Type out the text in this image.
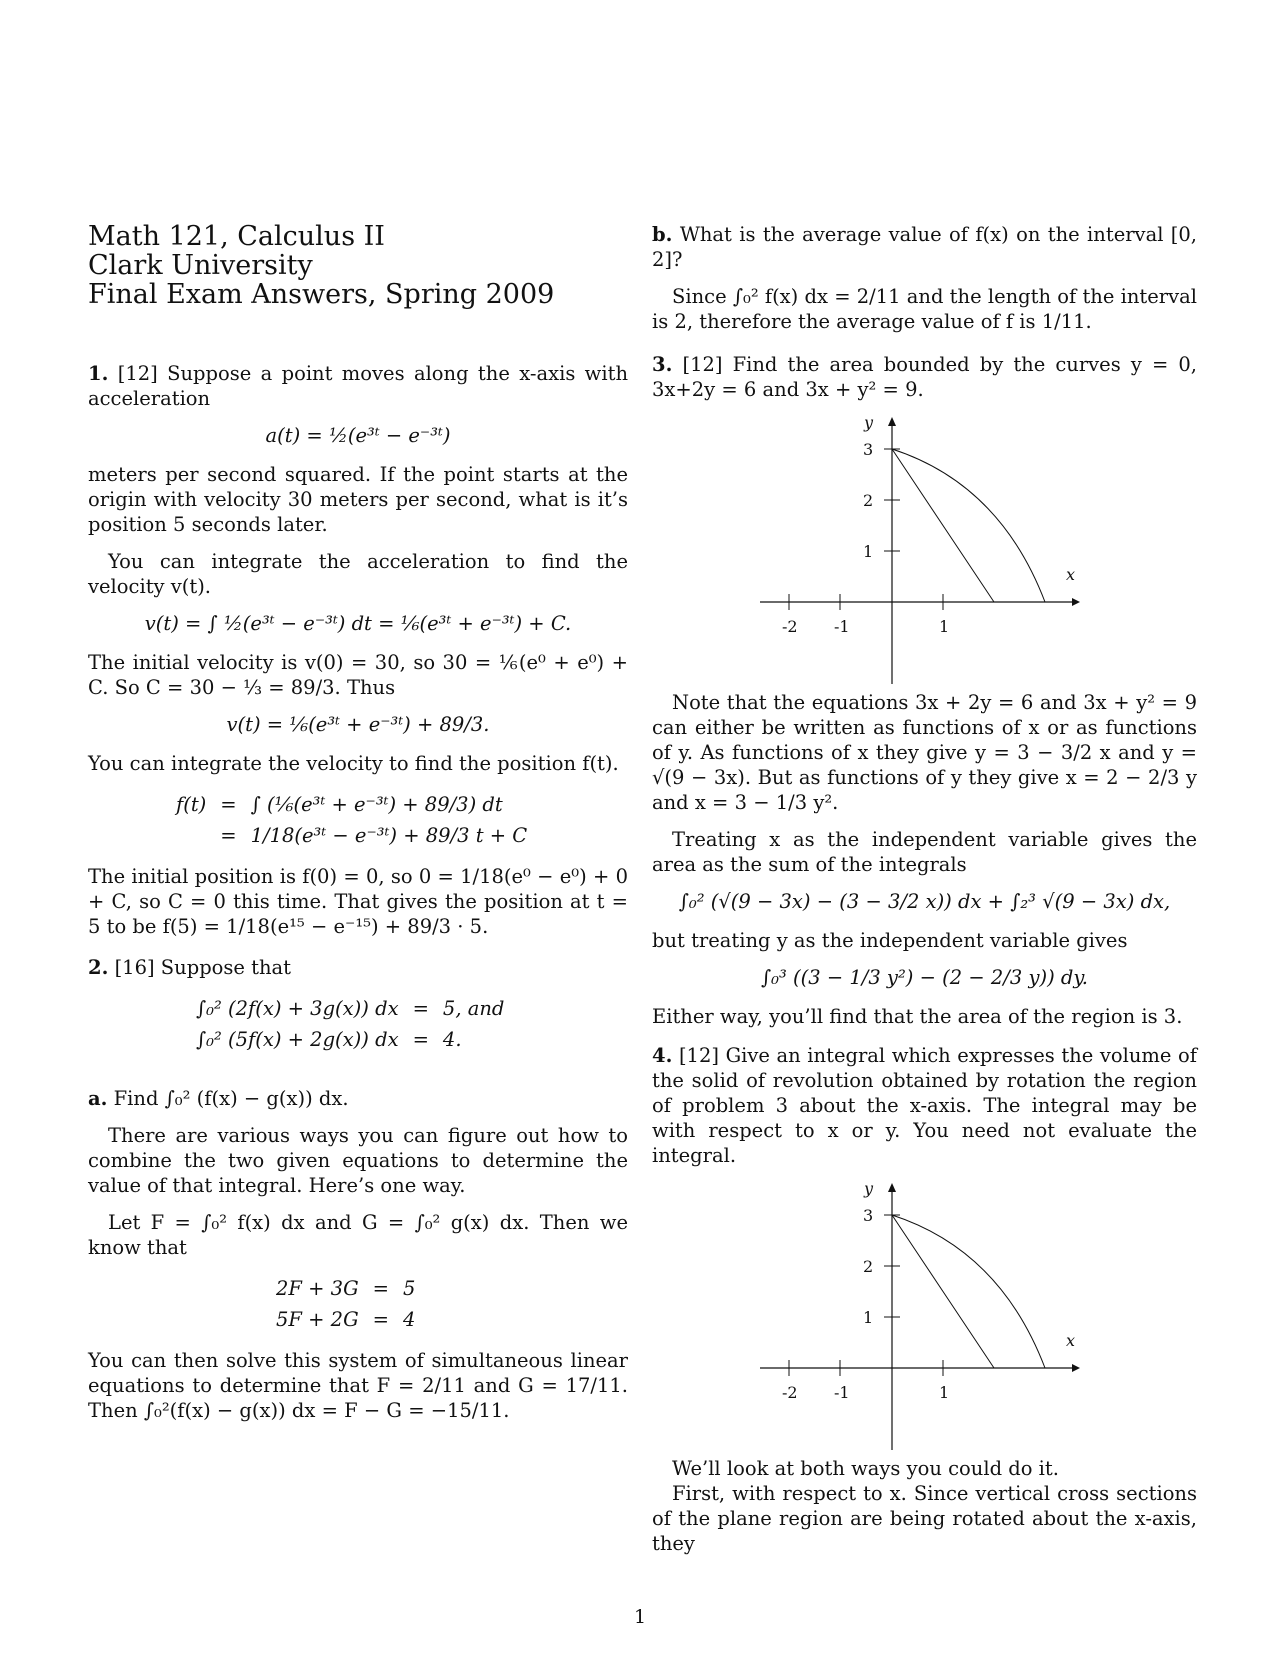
Math 121, Calculus II
Clark University
Final Exam Answers, Spring 2009

1. [12] Suppose a point moves along the x-axis with acceleration

a(t) = ½(e³ᵗ − e⁻³ᵗ)

meters per second squared. If the point starts at the origin with velocity 30 meters per second, what is it’s position 5 seconds later.

You can integrate the acceleration to find the velocity v(t).

v(t) = ∫ ½(e³ᵗ − e⁻³ᵗ) dt = ⅙(e³ᵗ + e⁻³ᵗ) + C.

The initial velocity is v(0) = 30, so 30 = ⅙(e⁰ + e⁰) + C. So C = 30 − ⅓ = 89/3. Thus

v(t) = ⅙(e³ᵗ + e⁻³ᵗ) + 89/3.

You can integrate the velocity to find the position f(t).

f(t)	=	∫ (⅙(e³ᵗ + e⁻³ᵗ) + 89/3) dt
	=	1/18(e³ᵗ − e⁻³ᵗ) + 89/3 t + C

The initial position is f(0) = 0, so 0 = 1/18(e⁰ − e⁰) + 0 + C, so C = 0 this time. That gives the position at t = 5 to be f(5) = 1/18(e¹⁵ − e⁻¹⁵) + 89/3 · 5.

2. [16] Suppose that

∫₀² (2f(x) + 3g(x)) dx	=	5, and
∫₀² (5f(x) + 2g(x)) dx	=	4.

a. Find ∫₀² (f(x) − g(x)) dx.

There are various ways you can figure out how to combine the two given equations to determine the value of that integral. Here’s one way.

Let F = ∫₀² f(x) dx and G = ∫₀² g(x) dx. Then we know that

2F + 3G	=	5
5F + 2G	=	4

You can then solve this system of simultaneous linear equations to determine that F = 2/11 and G = 17/11. Then ∫₀²(f(x) − g(x)) dx = F − G = −15/11.

b. What is the average value of f(x) on the interval [0, 2]?

Since ∫₀² f(x) dx = 2/11 and the length of the interval is 2, therefore the average value of f is 1/11.

3. [12] Find the area bounded by the curves y = 0, 3x+2y = 6 and 3x + y² = 9.

-2 -1	1
3
2
1
x
y

Note that the equations 3x + 2y = 6 and 3x + y² = 9 can either be written as functions of x or as functions of y. As functions of x they give y = 3 − 3/2 x and y = √(9 − 3x). But as functions of y they give x = 2 − 2/3 y and x = 3 − 1/3 y².

Treating x as the independent variable gives the area as the sum of the integrals

∫₀² (√(9 − 3x) − (3 − 3/2 x)) dx + ∫₂³ √(9 − 3x) dx,

but treating y as the independent variable gives

∫₀³ ((3 − 1/3 y²) − (2 − 2/3 y)) dy.

Either way, you’ll find that the area of the region is 3.

4. [12] Give an integral which expresses the volume of the solid of revolution obtained by rotation the region of problem 3 about the x-axis. The integral may be with respect to x or y. You need not evaluate the integral.

-2 -1	1
3
2
1
x
y

We’ll look at both ways you could do it.

First, with respect to x. Since vertical cross sections of the plane region are being rotated about the x-axis, they

1
